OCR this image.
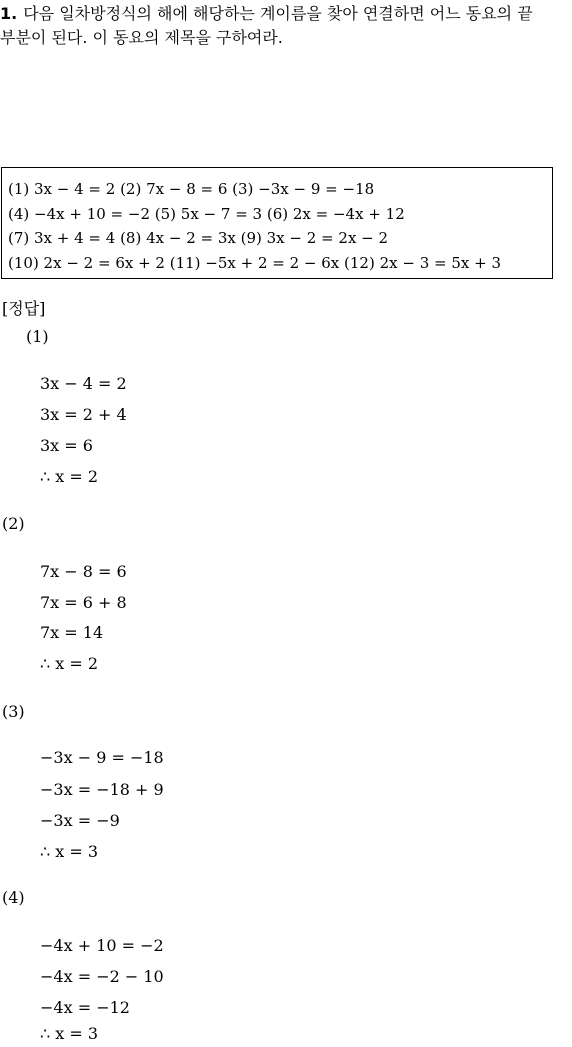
1. 다음 일차방정식의 해에 해당하는 계이름을 찾아 연결하면 어느 동요의 끝
부분이 된다. 이 동요의 제목을 구하여라.
(1) 3x − 4 = 2 (2) 7x − 8 = 6 (3) −3x − 9 = −18
(4) −4x + 10 = −2 (5) 5x − 7 = 3 (6) 2x = −4x + 12
(7) 3x + 4 = 4 (8) 4x − 2 = 3x (9) 3x − 2 = 2x − 2
(10) 2x − 2 = 6x + 2 (11) −5x + 2 = 2 − 6x (12) 2x − 3 = 5x + 3
[정답]
(1)
3x − 4 = 2
3x = 2 + 4
3x = 6
∴ x = 2
(2)
7x − 8 = 6
7x = 6 + 8
7x = 14
∴ x = 2
(3)
−3x − 9 = −18
−3x = −18 + 9
−3x = −9
∴ x = 3
(4)
−4x + 10 = −2
−4x = −2 − 10
−4x = −12
∴ x = 3
